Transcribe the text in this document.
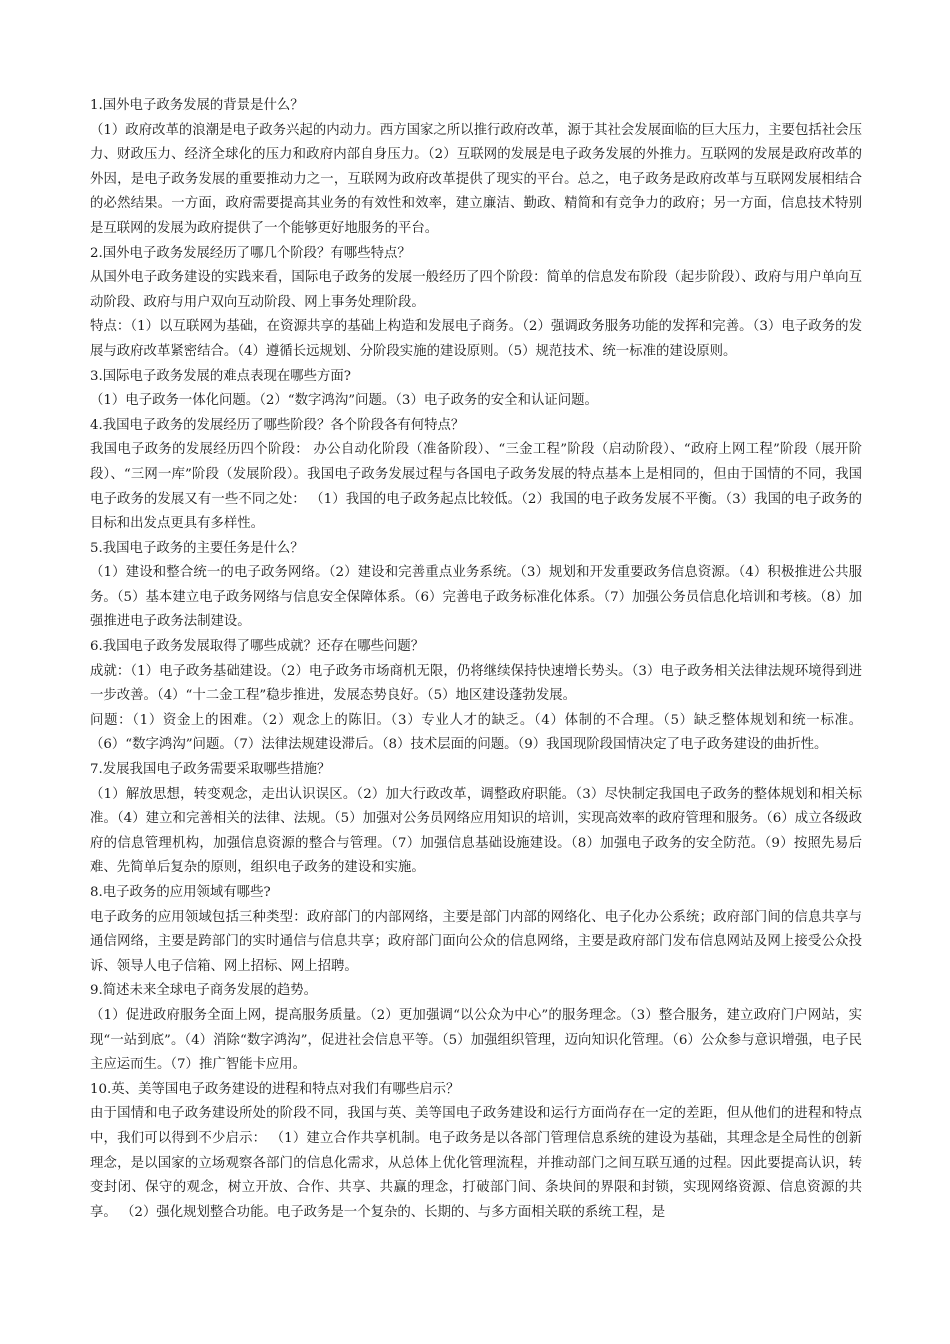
1.国外电子政务发展的背景是什么？

（1）政府改革的浪潮是电子政务兴起的内动力。西方国家之所以推行政府改革，源于其社会发展面临的巨大压力，主要包括社会压力、财政压力、经济全球化的压力和政府内部自身压力。（2）互联网的发展是电子政务发展的外推力。互联网的发展是政府改革的外因，是电子政务发展的重要推动力之一，互联网为政府改革提供了现实的平台。总之，电子政务是政府改革与互联网发展相结合的必然结果。一方面，政府需要提高其业务的有效性和效率，建立廉洁、勤政、精简和有竞争力的政府；另一方面，信息技术特别是互联网的发展为政府提供了一个能够更好地服务的平台。

2.国外电子政务发展经历了哪几个阶段？有哪些特点？

从国外电子政务建设的实践来看，国际电子政务的发展一般经历了四个阶段：简单的信息发布阶段（起步阶段）、政府与用户单向互动阶段、政府与用户双向互动阶段、网上事务处理阶段。

特点：（1）以互联网为基础，在资源共享的基础上构造和发展电子商务。（2）强调政务服务功能的发挥和完善。（3）电子政务的发展与政府改革紧密结合。（4）遵循长远规划、分阶段实施的建设原则。（5）规范技术、统一标准的建设原则。

3.国际电子政务发展的难点表现在哪些方面?

（1）电子政务一体化问题。（2）“数字鸿沟”问题。（3）电子政务的安全和认证问题。

4.我国电子政务的发展经历了哪些阶段？各个阶段各有何特点？

我国电子政务的发展经历四个阶段： 办公自动化阶段（准备阶段）、“三金工程”阶段（启动阶段）、“政府上网工程”阶段（展开阶段）、“三网一库”阶段（发展阶段）。我国电子政务发展过程与各国电子政务发展的特点基本上是相同的，但由于国情的不同，我国电子政务的发展又有一些不同之处： （1）我国的电子政务起点比较低。（2）我国的电子政务发展不平衡。（3）我国的电子政务的目标和出发点更具有多样性。

5.我国电子政务的主要任务是什么？

（1）建设和整合统一的电子政务网络。（2）建设和完善重点业务系统。（3）规划和开发重要政务信息资源。（4）积极推进公共服务。（5）基本建立电子政务网络与信息安全保障体系。（6）完善电子政务标准化体系。（7）加强公务员信息化培训和考核。（8）加强推进电子政务法制建设。

6.我国电子政务发展取得了哪些成就？还存在哪些问题？

成就：（1）电子政务基础建设。（2）电子政务市场商机无限，仍将继续保持快速增长势头。（3）电子政务相关法律法规环境得到进一步改善。（4）“十二金工程”稳步推进，发展态势良好。（5）地区建设蓬勃发展。

问题：（1）资金上的困难。（2）观念上的陈旧。（3）专业人才的缺乏。（4）体制的不合理。（5）缺乏整体规划和统一标准。（6）“数字鸿沟”问题。（7）法律法规建设滞后。（8）技术层面的问题。（9）我国现阶段国情决定了电子政务建设的曲折性。

7.发展我国电子政务需要采取哪些措施？

（1）解放思想，转变观念，走出认识误区。（2）加大行政改革，调整政府职能。（3）尽快制定我国电子政务的整体规划和相关标准。（4）建立和完善相关的法律、法规。（5）加强对公务员网络应用知识的培训，实现高效率的政府管理和服务。（6）成立各级政府的信息管理机构，加强信息资源的整合与管理。（7）加强信息基础设施建设。（8）加强电子政务的安全防范。（9）按照先易后难、先简单后复杂的原则，组织电子政务的建设和实施。

8.电子政务的应用领域有哪些?

电子政务的应用领域包括三种类型：政府部门的内部网络，主要是部门内部的网络化、电子化办公系统；政府部门间的信息共享与通信网络，主要是跨部门的实时通信与信息共享；政府部门面向公众的信息网络，主要是政府部门发布信息网站及网上接受公众投诉、领导人电子信箱、网上招标、网上招聘。

9.简述未来全球电子商务发展的趋势。

（1）促进政府服务全面上网，提高服务质量。（2）更加强调“以公众为中心”的服务理念。（3）整合服务，建立政府门户网站，实现“一站到底”。（4）消除“数字鸿沟”，促进社会信息平等。（5）加强组织管理，迈向知识化管理。（6）公众参与意识增强，电子民主应运而生。（7）推广智能卡应用。

10.英、美等国电子政务建设的进程和特点对我们有哪些启示？

由于国情和电子政务建设所处的阶段不同，我国与英、美等国电子政务建设和运行方面尚存在一定的差距，但从他们的进程和特点中，我们可以得到不少启示： （1）建立合作共享机制。电子政务是以各部门管理信息系统的建设为基础，其理念是全局性的创新理念，是以国家的立场观察各部门的信息化需求，从总体上优化管理流程，并推动部门之间互联互通的过程。因此要提高认识，转变封闭、保守的观念，树立开放、合作、共享、共赢的理念，打破部门间、条块间的界限和封锁，实现网络资源、信息资源的共享。 （2）强化规划整合功能。电子政务是一个复杂的、长期的、与多方面相关联的系统工程，是
